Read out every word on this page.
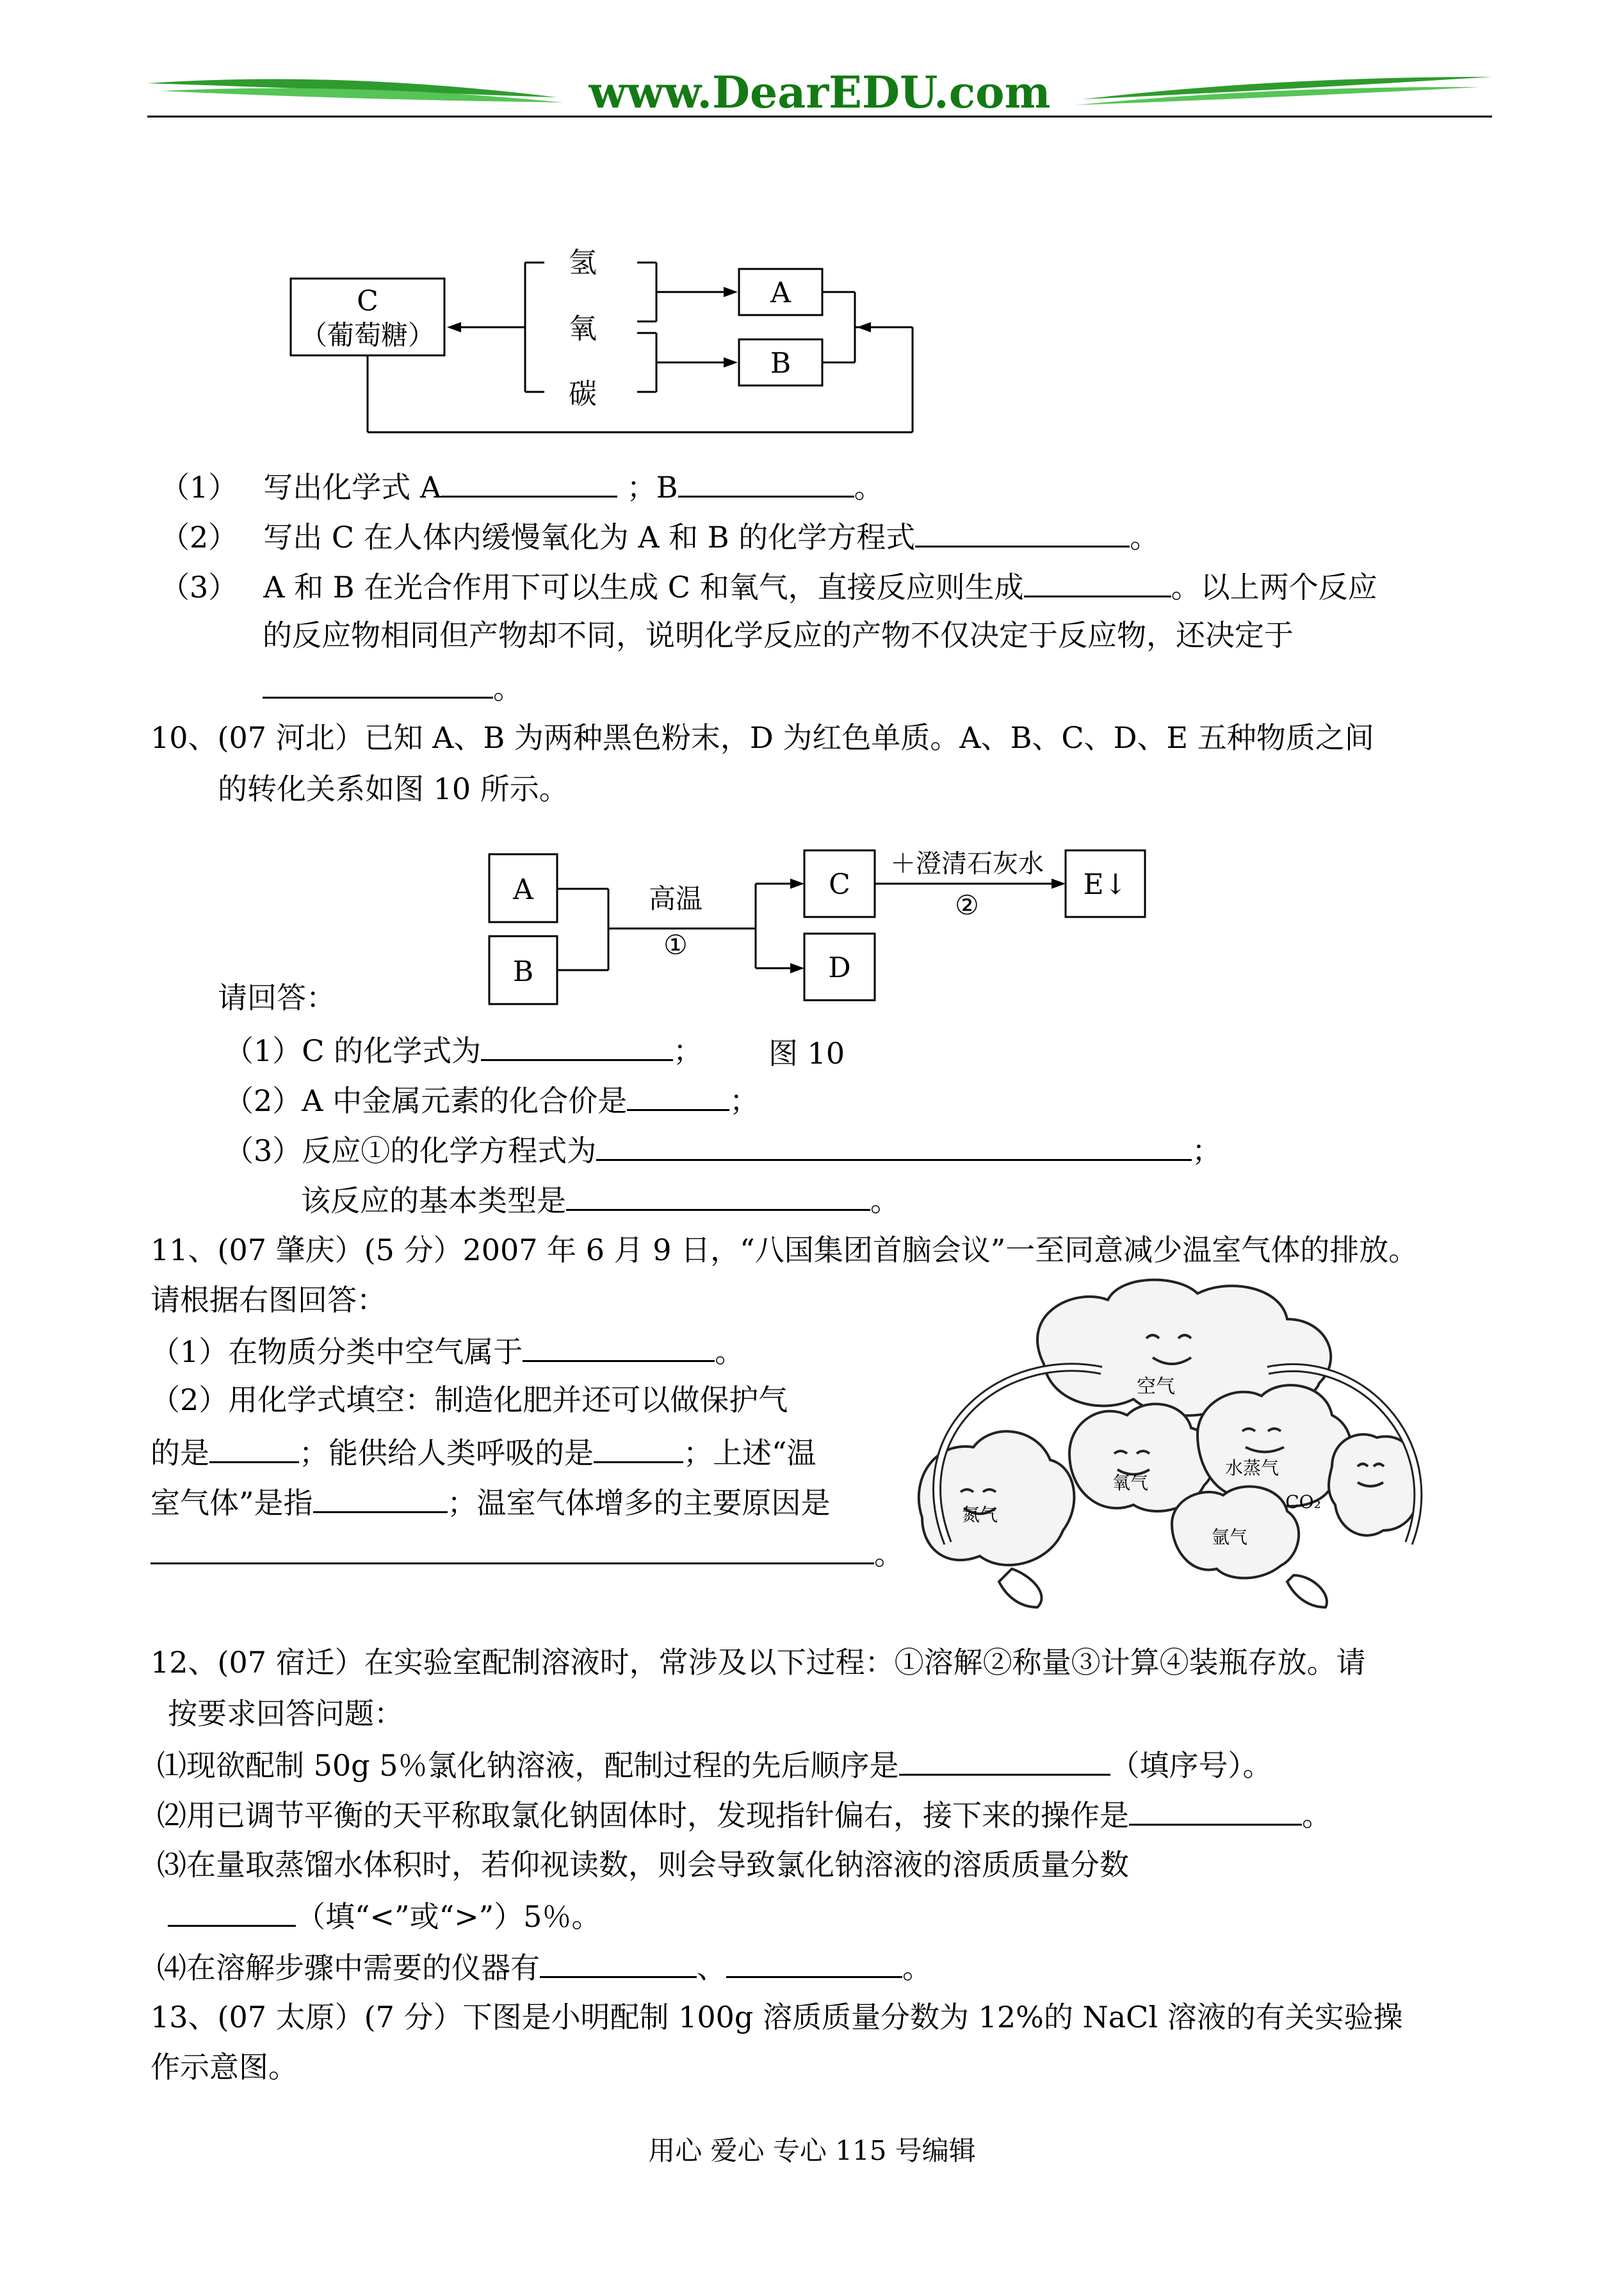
www.DearEDU.com
C
（葡萄糖）
氢
氧
碳
A
B
（1） 写出化学式 A	；B	。
（2） 写出 C 在人体内缓慢氧化为 A 和 B 的化学方程式	。
（3） A 和 B 在光合作用下可以生成 C 和氧气，直接反应则生成	。以上两个反应
的反应物相同但产物却不同，说明化学反应的产物不仅决定于反应物，还决定于
。
10、(07 河北）已知 A、B 为两种黑色粉末，D 为红色单质。A、B、C、D、E 五种物质之间
的转化关系如图 10 所示。
A
B
高温
①
C
D
＋澄清石灰水
②
E↓
请回答：
图 10
（1）C 的化学式为	；
（2）A 中金属元素的化合价是	；
（3）反应①的化学方程式为	；
该反应的基本类型是	。
11、(07 肇庆）(5 分）2007 年 6 月 9 日，“八国集团首脑会议”一至同意减少温室气体的排放。
请根据右图回答：
（1）在物质分类中空气属于	。
（2）用化学式填空：制造化肥并还可以做保护气
的是	；能供给人类呼吸的是	；上述“温
室气体”是指	；温室气体增多的主要原因是
。
空气
氮气
氧气
水蒸气
CO₂
氩气
12、(07 宿迁）在实验室配制溶液时，常涉及以下过程：①溶解②称量③计算④装瓶存放。请
按要求回答问题：
⑴现欲配制 50g 5％氯化钠溶液，配制过程的先后顺序是	（填序号）。
⑵用已调节平衡的天平称取氯化钠固体时，发现指针偏右，接下来的操作是	。
⑶在量取蒸馏水体积时，若仰视读数，则会导致氯化钠溶液的溶质质量分数
（填“<”或“>”）5％。
⑷在溶解步骤中需要的仪器有	、	。
13、(07 太原）(7 分）下图是小明配制 100g 溶质质量分数为 12%的 NaCl 溶液的有关实验操
作示意图。
用心 爱心 专心 115 号编辑
